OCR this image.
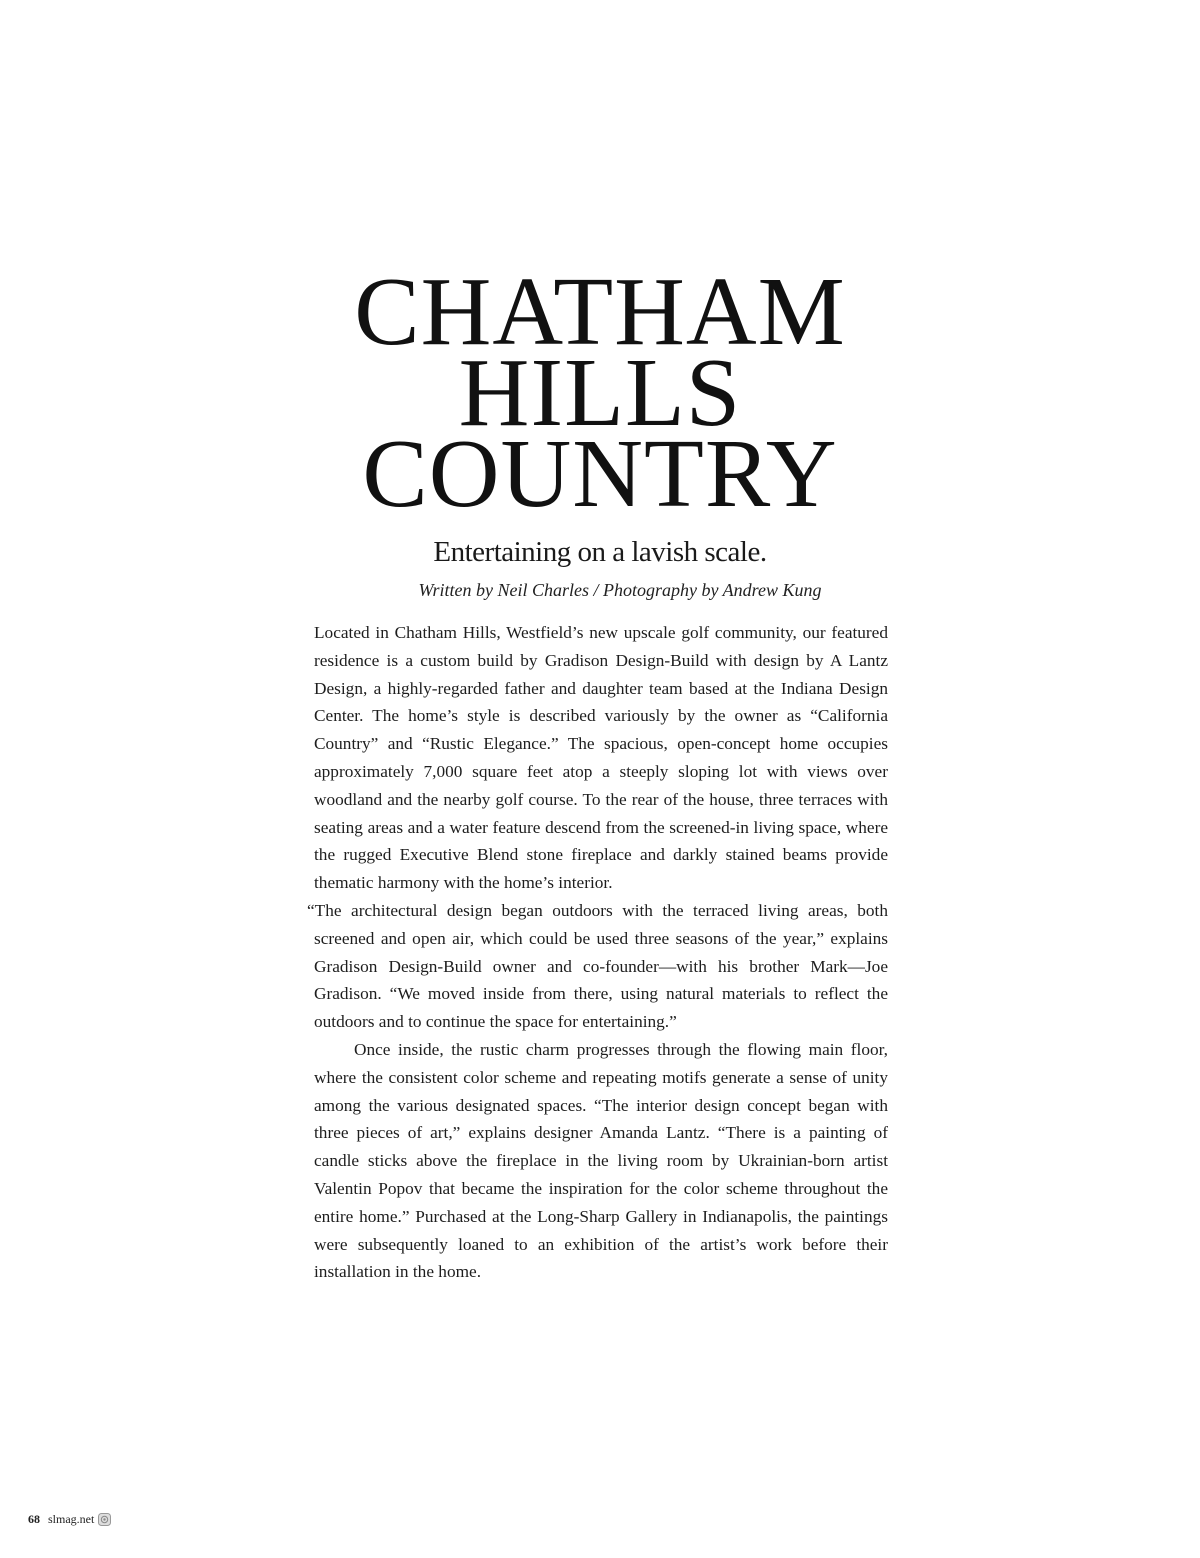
CHATHAM
HILLS
COUNTRY
Entertaining on a lavish scale.
Written by Neil Charles / Photography by Andrew Kung

Located in Chatham Hills, Westfield’s new upscale golf community, our featured residence is a custom build by Gradison Design-Build with design by A Lantz Design, a highly-regarded father and daughter team based at the Indiana Design Center. The home’s style is described variously by the owner as “California Country” and “Rustic Elegance.” The spacious, open-concept home occupies approximately 7,000 square feet atop a steeply sloping lot with views over woodland and the nearby golf course. To the rear of the house, three terraces with seating areas and a water feature descend from the screened-in living space, where the rugged Executive Blend stone fireplace and darkly stained beams provide thematic harmony with the home’s interior.

“The architectural design began outdoors with the terraced living areas, both screened and open air, which could be used three seasons of the year,” explains Gradison Design-Build owner and co-founder—with his brother Mark—Joe Gradison. “We moved inside from there, using natural materials to reflect the outdoors and to continue the space for entertaining.”

Once inside, the rustic charm progresses through the flowing main floor, where the consistent color scheme and repeating motifs generate a sense of unity among the various designated spaces. “The interior design concept began with three pieces of art,” explains designer Amanda Lantz. “There is a painting of candle sticks above the fireplace in the living room by Ukrainian-born artist Valentin Popov that became the inspiration for the color scheme throughout the entire home.” Purchased at the Long-Sharp Gallery in Indianapolis, the paintings were subsequently loaned to an exhibition of the artist’s work before their installation in the home.

68 slmag.net
